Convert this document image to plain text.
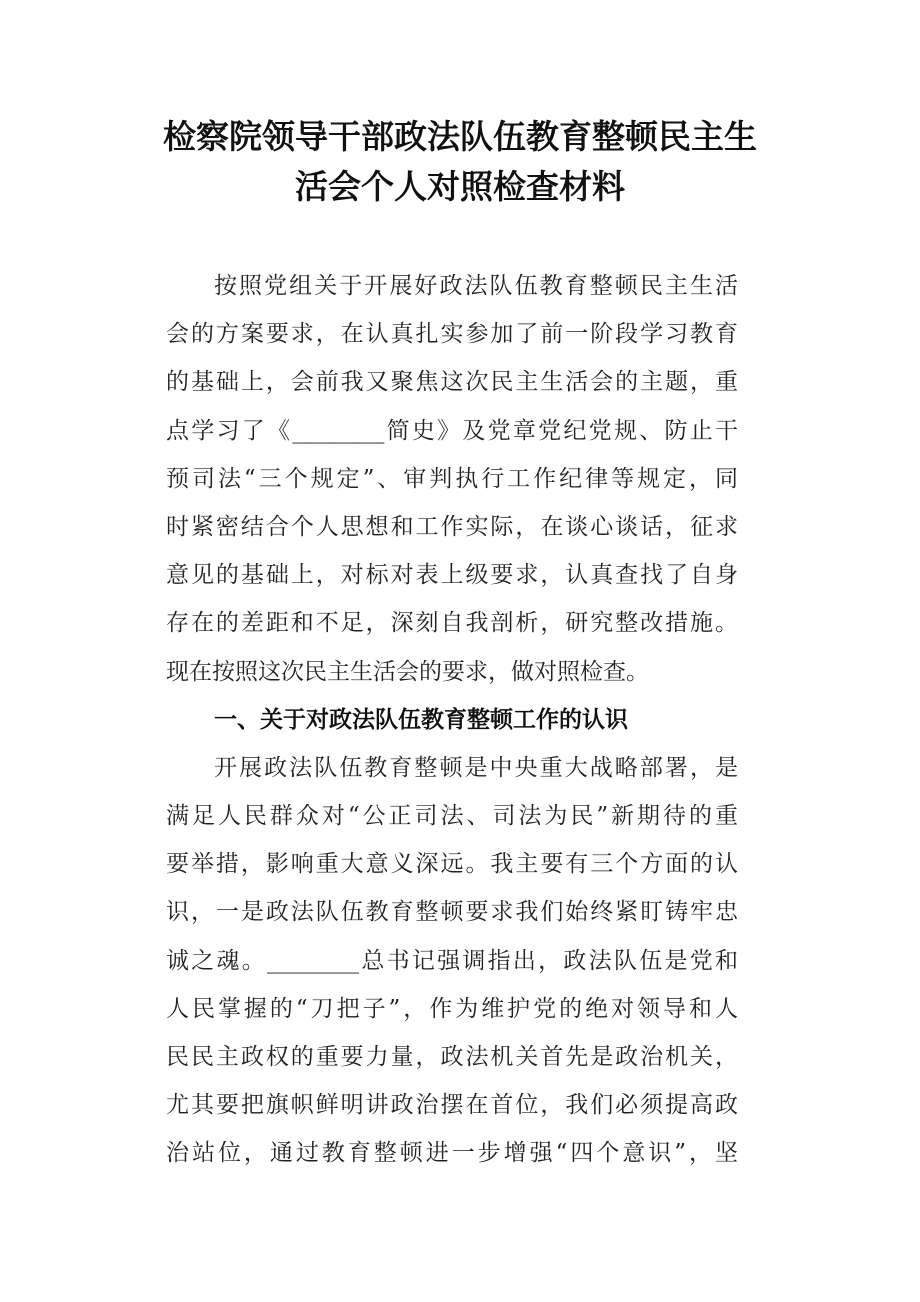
检察院领导干部政法队伍教育整顿民主生
活会个人对照检查材料
按照党组关于开展好政法队伍教育整顿民主生活
会的方案要求，在认真扎实参加了前一阶段学习教育
的基础上，会前我又聚焦这次民主生活会的主题，重
点学习了《________简史》及党章党纪党规、防止干
预司法“三个规定”、审判执行工作纪律等规定，同
时紧密结合个人思想和工作实际，在谈心谈话，征求
意见的基础上，对标对表上级要求，认真查找了自身
存在的差距和不足，深刻自我剖析，研究整改措施。
现在按照这次民主生活会的要求，做对照检查。
一、关于对政法队伍教育整顿工作的认识
开展政法队伍教育整顿是中央重大战略部署，是
满足人民群众对“公正司法、司法为民”新期待的重
要举措，影响重大意义深远。我主要有三个方面的认
识，一是政法队伍教育整顿要求我们始终紧盯铸牢忠
诚之魂。________总书记强调指出，政法队伍是党和
人民掌握的“刀把子”，作为维护党的绝对领导和人
民民主政权的重要力量，政法机关首先是政治机关，
尤其要把旗帜鲜明讲政治摆在首位，我们必须提高政
治站位，通过教育整顿进一步增强“四个意识”，坚
